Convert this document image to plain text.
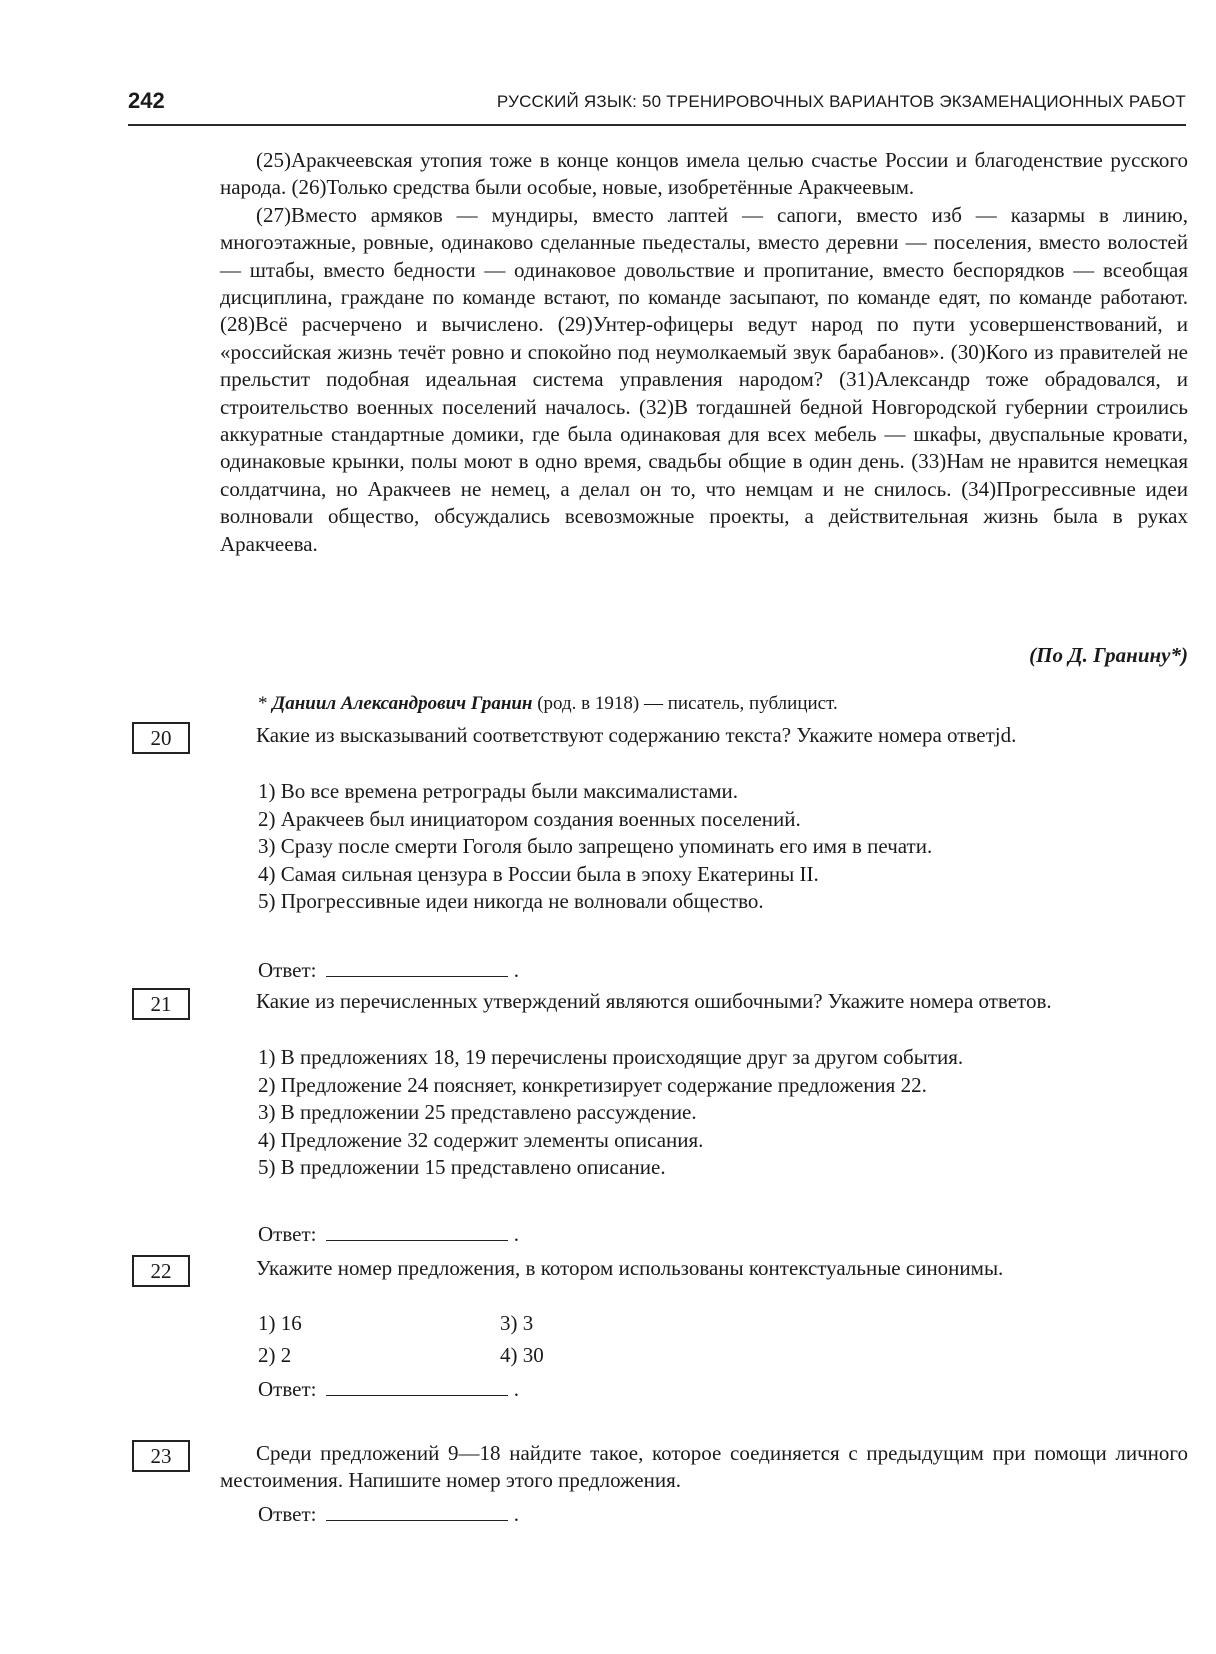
242	РУССКИЙ ЯЗЫК: 50 ТРЕНИРОВОЧНЫХ ВАРИАНТОВ ЭКЗАМЕНАЦИОННЫХ РАБОТ

(25)Аракчеевская утопия тоже в конце концов имела целью счастье России и благоденствие русского народа. (26)Только средства были особые, новые, изобретённые Аракчеевым.

(27)Вместо армяков — мундиры, вместо лаптей — сапоги, вместо изб — казармы в линию, многоэтажные, ровные, одинаково сделанные пьедесталы, вместо деревни — поселения, вместо волостей — штабы, вместо бедности — одинаковое довольствие и пропитание, вместо беспорядков — всеобщая дисциплина, граждане по команде встают, по команде засыпают, по команде едят, по команде работают. (28)Всё расчерчено и вычислено. (29)Унтер-офицеры ведут народ по пути усовершенствований, и «российская жизнь течёт ровно и спокойно под неумолкаемый звук барабанов». (30)Кого из правителей не прельстит подобная идеальная система управления народом? (31)Александр тоже обрадовался, и строительство военных поселений началось. (32)В тогдашней бедной Новгородской губернии строились аккуратные стандартные домики, где была одинаковая для всех мебель — шкафы, двуспальные кровати, одинаковые крынки, полы моют в одно время, свадьбы общие в один день. (33)Нам не нравится немецкая солдатчина, но Аракчеев не немец, а делал он то, что немцам и не снилось. (34)Прогрессивные идеи волновали общество, обсуждались всевозможные проекты, а действительная жизнь была в руках Аракчеева.

(По Д. Гранину*)
* Даниил Александрович Гранин (род. в 1918) — писатель, публицист.
20	Какие из высказываний соответствуют содержанию текста? Укажите номера ответjd.

1) Во все времена ретрограды были максималистами.
2) Аракчеев был инициатором создания военных поселений.
3) Сразу после смерти Гоголя было запрещено упоминать его имя в печати.
4) Самая сильная цензура в России была в эпоху Екатерины II.
5) Прогрессивные идеи никогда не волновали общество.
Ответ:	.
21	Какие из перечисленных утверждений являются ошибочными? Укажите номера ответов.

1) В предложениях 18, 19 перечислены происходящие друг за другом события.
2) Предложение 24 поясняет, конкретизирует содержание предложения 22.
3) В предложении 25 представлено рассуждение.
4) Предложение 32 содержит элементы описания.
5) В предложении 15 представлено описание.
Ответ:	.
22	Укажите номер предложения, в котором использованы контекстуальные синонимы.

1) 16	3) 3
2) 2	4) 30
Ответ:	.
23	Среди предложений 9—18 найдите такое, которое соединяется с предыдущим при помощи личного местоимения. Напишите номер этого предложения.

Ответ:	.
